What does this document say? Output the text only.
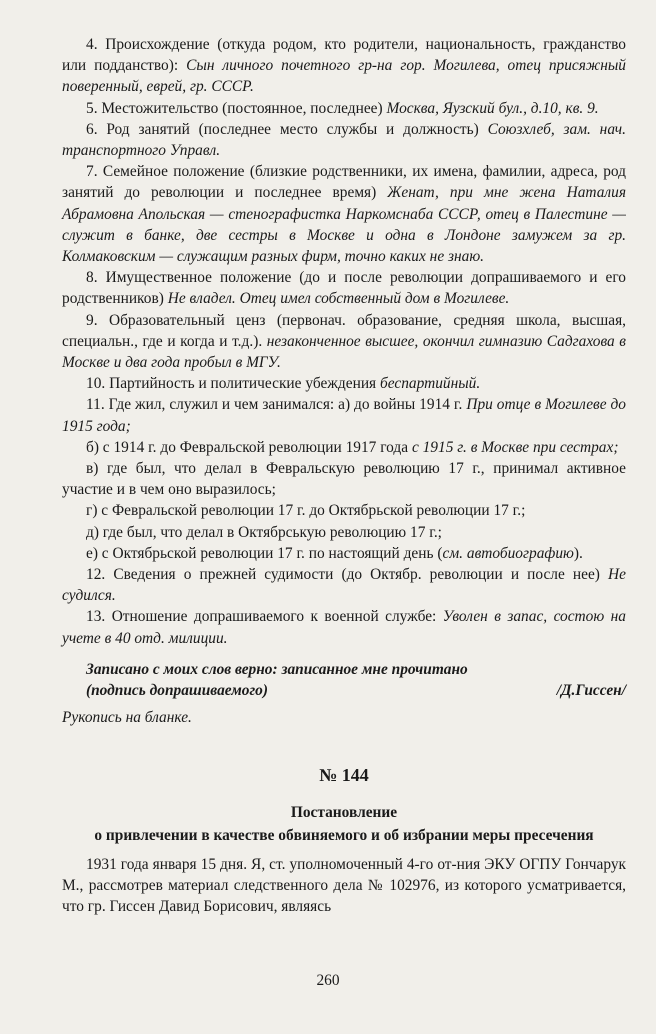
4. Происхождение (откуда родом, кто родители, национальность, гражданство или подданство): Сын личного почетного гр-на гор. Могилева, отец присяжный поверенный, еврей, гр. СССР.

5. Местожительство (постоянное, последнее) Москва, Яузский бул., д.10, кв. 9.

6. Род занятий (последнее место службы и должность) Союзхлеб, зам. нач. транспортного Управл.

7. Семейное положение (близкие родственники, их имена, фамилии, адреса, род занятий до революции и последнее время) Женат, при мне жена Наталия Абрамовна Апольская — стенографистка Наркомснаба СССР, отец в Палестине — служит в банке, две сестры в Москве и одна в Лондоне замужем за гр. Колмаковским — служащим разных фирм, точно каких не знаю.

8. Имущественное положение (до и после революции допрашиваемого и его родственников) Не владел. Отец имел собственный дом в Могилеве.

9. Образовательный ценз (первонач. образование, средняя школа, высшая, специальн., где и когда и т.д.). незаконченное высшее, окончил гимназию Садгахова в Москве и два года пробыл в МГУ.

10. Партийность и политические убеждения беспартийный.

11. Где жил, служил и чем занимался: а) до войны 1914 г. При отце в Могилеве до 1915 года;

б) с 1914 г. до Февральской революции 1917 года с 1915 г. в Москве при сестрах;

в) где был, что делал в Февральскую революцию 17 г., принимал активное участие и в чем оно выразилось;

г) с Февральской революции 17 г. до Октябрьской революции 17 г.;

д) где был, что делал в Октябрськую революцию 17 г.;

е) с Октябрьской революции 17 г. по настоящий день (см. автобиографию).

12. Сведения о прежней судимости (до Октябр. революции и после нее) Не судился.

13. Отношение допрашиваемого к военной службе: Уволен в запас, состою на учете в 40 отд. милиции.

Записано с моих слов верно: записанное мне прочитано
(подпись допрашиваемого)	/Д.Гиссен/
Рукопись на бланке.
№ 144
Постановление
о привлечении в качестве обвиняемого и об избрании меры пресечения

1931 года января 15 дня. Я, ст. уполномоченный 4-го от-ния ЭКУ ОГПУ Гончарук М., рассмотрев материал следственного дела № 102976, из которого усматривается, что гр. Гиссен Давид Борисович, являясь

260
